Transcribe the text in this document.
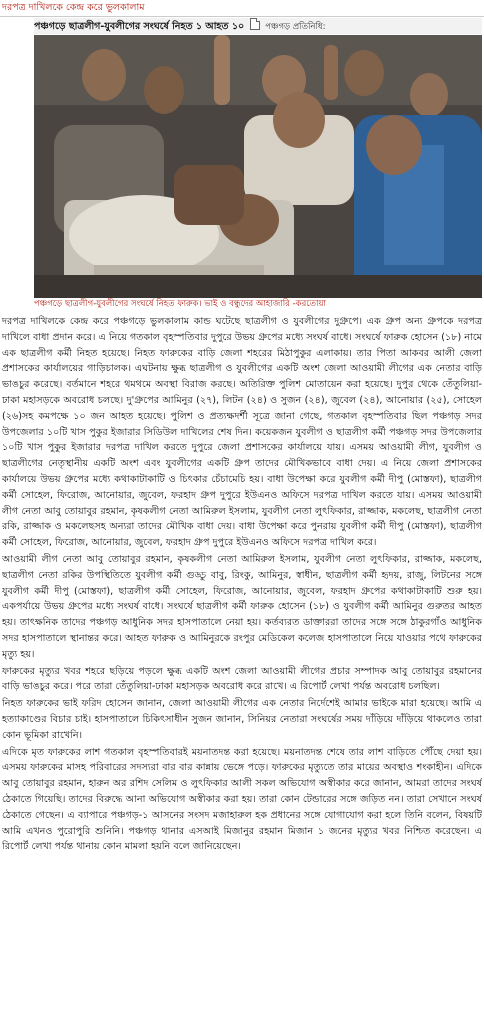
দরপত্র দাখিলকে কেন্দ্র করে ভুলকালাম
পঞ্চগড়ে ছাত্রলীগ-যুবলীগের সংঘর্ষে নিহত ১ আহত ১০ পঞ্চগড় প্রতিনিধি:
পঞ্চগড়ে ছাত্রলীগ-যুবলীগের সংঘর্ষে নিহত ফারুক। ভাই ও বন্ধুদের আহাজারি -করতোয়া

দরপত্র দাখিলকে কেন্দ্র করে পঞ্চগড়ে ভুলকালাম কান্ড ঘটেছে ছাত্রলীগ ও যুবলীগের দুগ্রুপে। এক গ্রুপ অন্য গ্রুপকে দরপত্র দাখিলে বাধা প্রদান করে। এ নিয়ে গতকাল বৃহস্পতিবার দুপুরে উভয় গ্রুপের মধ্যে সংঘর্ষ বাধে। সংঘর্ষে ফারুক হোসেন (১৮) নামে এক ছাত্রলীগ কর্মী নিহত হয়েছে। নিহত ফারুকের বাড়ি জেলা শহরের মিঠাপুকুর এলাকায়। তার পিতা আকবর আলী জেলা প্রশাসকের কার্যালয়ের গাড়িচালক। এঘটনায় ক্ষুব্ধ ছাত্রলীগ ও যুবলীগের একটি অংশ জেলা আওয়ামী লীগের এক নেতার বাড়ি ভাঙচুর করেছে। বর্তমানে শহরে থমথমে অবস্থা বিরাজ করছে। অতিরিক্ত পুলিশ মোতায়েন করা হয়েছে। দুপুর থেকে তেঁতুলিয়া-ঢাকা মহাসড়কে অবরোধ চলছে। দু'গ্রুপের আমিনুর (২৭), লিটন (২৪) ও সুজন (২৪), জুবেল (২৪), আনোয়ার (২৫), সোহেল (২৬)সহ কমপক্ষে ১০ জন আহত হয়েছে। পুলিশ ও প্রত্যক্ষদর্শী সূত্রে জানা গেছে, গতকাল বৃহস্পতিবার ছিল পঞ্চগড় সদর উপজেলার ১০টি খাস পুকুর ইজারার সিডিউল দাখিলের শেষ দিন। কয়েকজন যুবলীগ ও ছাত্রলীগ কর্মী পঞ্চগড় সদর উপজেলার ১০টি খাস পুকুর ইজারার দরপত্র দাখিল করতে দুপুরে জেলা প্রশাসকের কার্যালয়ে যায়। এসময় আওয়ামী লীগ, যুবলীগ ও ছাত্রলীগের নেতৃস্থানীয় একটি অংশ এবং যুবলীগের একটি গ্রুপ তাদের মৌখিকভাবে বাধা দেয়। এ নিয়ে জেলা প্রশাসকের কার্যালয়ে উভয় গ্রুপের মধ্যে কথাকাটাকাটি ও চিৎকার চেঁচামেচি হয়। বাধা উপেক্ষা করে যুবলীগ কর্মী দীপু (মোস্তফা), ছাত্রলীগ কর্মী সোহেল, ফিরোজ, আনোয়ার, জুবেল, ফরহাদ গ্রুপ দুপুরে ইউএনও অফিসে দরপত্র দাখিল করতে যায়। এসময় আওয়ামী লীগ নেতা আবু তোয়াবুর রহমান, কৃষকলীগ নেতা আমিরুল ইসলাম, যুবলীগ নেতা লুৎফিকার, রাজ্জাক, মকলেছ, ছাত্রলীগ নেতা রকি, রাজ্জাক ও মকলেছসহ অন্যরা তাদের মৌখিক বাধা দেয়। বাধা উপেক্ষা করে পুনরায় যুবলীগ কর্মী দীপু (মোস্তফা), ছাত্রলীগ কর্মী সোহেল, ফিরোজ, আনোয়ার, জুবেল, ফরহাদ গ্রুপ দুপুরে ইউএনও অফিসে দরপত্র দাখিল করে।

আওয়ামী লীগ নেতা আবু তোয়াবুর রহমান, কৃষকলীগ নেতা আমিরুল ইসলাম, যুবলীগ নেতা লুৎফিকার, রাজ্জাক, মকলেছ, ছাত্রলীগ নেতা রকির উপস্থিতিতে যুবলীগ কর্মী গুড্ডু বাবু, রিংকু, আমিনুর, স্বাধীন, ছাত্রলীগ কর্মী হৃদয়, রাজু, লিটনের সঙ্গে যুবলীগ কর্মী দীপু (মোস্তফা), ছাত্রলীগ কর্মী সোহেল, ফিরোজ, আনোয়ার, জুবেল, ফরহাদ গ্রুপের কথাকাটাকাটি শুরু হয়। একপর্যায়ে উভয় গ্রুপের মধ্যে সংঘর্ষ বাধে। সংঘর্ষে ছাত্রলীগ কর্মী ফারুক হোসেন (১৮) ও যুবলীগ কর্মী আমিনুর গুরুতর আহত হয়। তাৎক্ষনিক তাদের পঞ্চগড় আধুনিক সদর হাসপাতালে নেয়া হয়। কর্তব্যরত ডাক্তাররা তাদের সঙ্গে সঙ্গে ঠাকুরগাঁও আধুনিক সদর হাসপাতালে স্থানান্তর করে। আহত ফারুক ও আমিনুরকে রংপুর মেডিকেল কলেজ হাসপাতালে নিয়ে যাওয়ার পথে ফারুকের মৃত্যু হয়।

ফারুকের মৃত্যুর খবর শহরে ছড়িয়ে পড়লে ক্ষুব্ধ একটি অংশ জেলা আওয়ামী লীগের প্রচার সম্পাদক আবু তোয়াবুর রহমানের বাড়ি ভাঙচুর করে। পরে তারা তেঁতুলিয়া-ঢাকা মহাসড়ক অবরোধ করে রাখে। এ রিপোর্ট লেখা পর্যন্ত অবরোধ চলছিল।

নিহত ফারুকের ভাই ফরিদ হোসেন জানান, জেলা আওয়ামী লীগের এক নেতার নির্দেশেই আমার ভাইকে মারা হয়েছে। আমি এ হত্যাকাণ্ডের বিচার চাই। হাসপাতালে চিকিৎসাধীন সুজন জানান, সিনিয়র নেতারা সংঘর্ষের সময় দাঁড়িয়ে দাঁড়িয়ে থাকলেও তারা কোন ভূমিকা রাখেনি।

এদিকে মৃত ফারুকের লাশ গতকাল বৃহস্পতিবারই ময়নাতদন্ত করা হয়েছে। ময়নাতদন্ত শেষে তার লাশ বাড়িতে পৌঁছে দেয়া হয়। এসময় ফারুকের মাসহ পরিবারের সদস্যরা বার বার কান্নায় ভেঙ্গে পড়ে। ফারুকের মৃত্যুতে তার মায়ের অবস্থাও শংকাহীন। এদিকে আবু তোয়াবুর রহমান, হারুন অর রশিদ সেলিম ও লুৎফিকার আলী সকল অভিযোগ অস্বীকার করে জানান, আমরা তাদের সংঘর্ষ ঠেকাতে গিয়েছি। তাদের বিরুদ্ধে আনা অভিযোগ অস্বীকার করা হয়। তারা কোন টেন্ডারের সঙ্গে জড়িত নন। তারা সেখানে সংঘর্ষ ঠেকাতে গেছেন। এ ব্যাপারে পঞ্চগড়-১ আসনের সংসদ মজাহারুল হক প্রধানের সঙ্গে যোগাযোগ করা হলে তিনি বলেন, বিষয়টি আমি এখনও পুরোপুরি শুনিনি। পঞ্চগড় থানার এসআই মিজানুর রহমান মিজান ১ জনের মৃত্যুর খবর নিশ্চিত করেছেন। এ রিপোর্ট লেখা পর্যন্ত থানায় কোন মামলা হয়নি বলে জানিয়েছেন।
